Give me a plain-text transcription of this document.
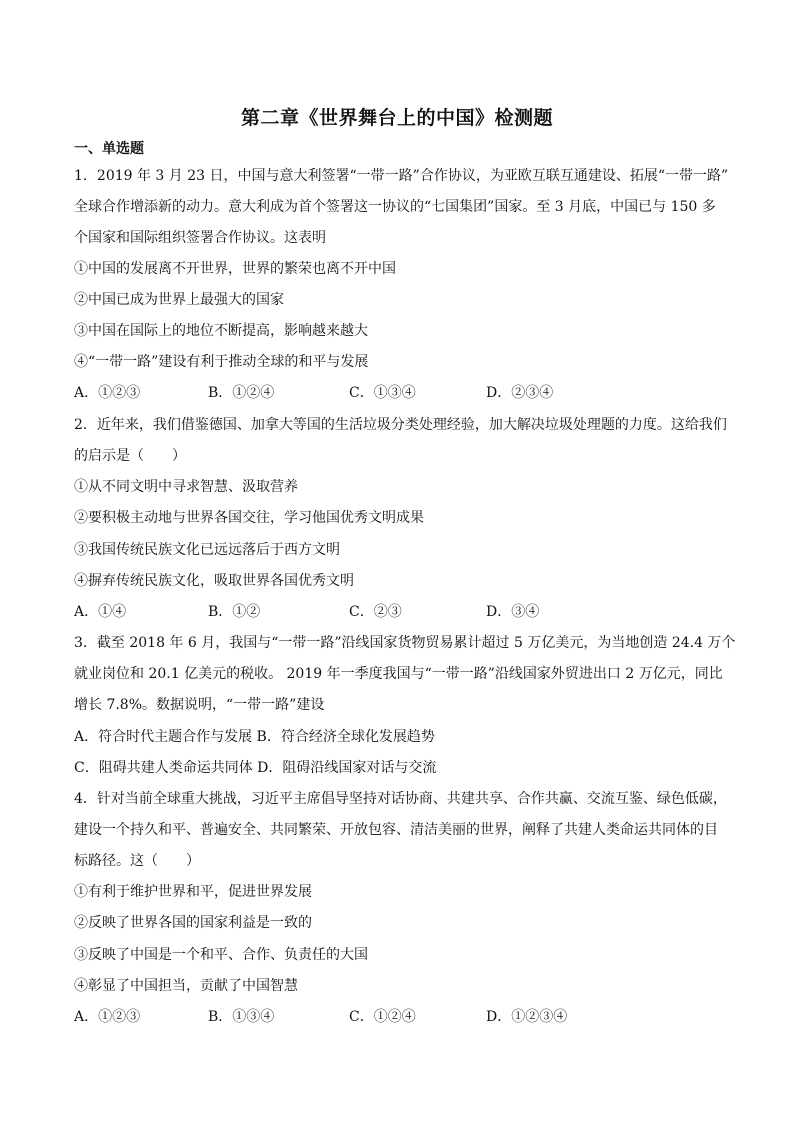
第二章《世界舞台上的中国》检测题
一、单选题
1．2019 年 3 月 23 日，中国与意大利签署“一带一路”合作协议，为亚欧互联互通建设、拓展“一带一路”
全球合作增添新的动力。意大利成为首个签署这一协议的“七国集团”国家。至 3 月底，中国已与 150 多
个国家和国际组织签署合作协议。这表明
①中国的发展离不开世界，世界的繁荣也离不开中国
②中国已成为世界上最强大的国家
③中国在国际上的地位不断提高，影响越来越大
④“一带一路”建设有利于推动全球的和平与发展
A．①②③	B．①②④	C．①③④	D．②③④
2．近年来，我们借鉴德国、加拿大等国的生活垃圾分类处理经验，加大解决垃圾处理题的力度。这给我们
的启示是（　　）
①从不同文明中寻求智慧、汲取营养
②要积极主动地与世界各国交往，学习他国优秀文明成果
③我国传统民族文化已远远落后于西方文明
④摒弃传统民族文化，吸取世界各国优秀文明
A．①④	B．①②	C．②③	D．③④
3．截至 2018 年 6 月，我国与“一带一路”沿线国家货物贸易累计超过 5 万亿美元，为当地创造 24.4 万个
就业岗位和 20.1 亿美元的税收。 2019 年一季度我国与“一带一路”沿线国家外贸进出口 2 万亿元，同比
增长 7.8%。数据说明，“一带一路”建设
A．符合时代主题合作与发展 B．符合经济全球化发展趋势
C．阻碍共建人类命运共同体 D．阻碍沿线国家对话与交流
4．针对当前全球重大挑战，习近平主席倡导坚持对话协商、共建共享、合作共赢、交流互鉴、绿色低碳，
建设一个持久和平、普遍安全、共同繁荣、开放包容、清洁美丽的世界，阐释了共建人类命运共同体的目
标路径。这（　　）
①有利于维护世界和平，促进世界发展
②反映了世界各国的国家利益是一致的
③反映了中国是一个和平、合作、负责任的大国
④彰显了中国担当，贡献了中国智慧
A．①②③	B．①③④	C．①②④	D．①②③④
